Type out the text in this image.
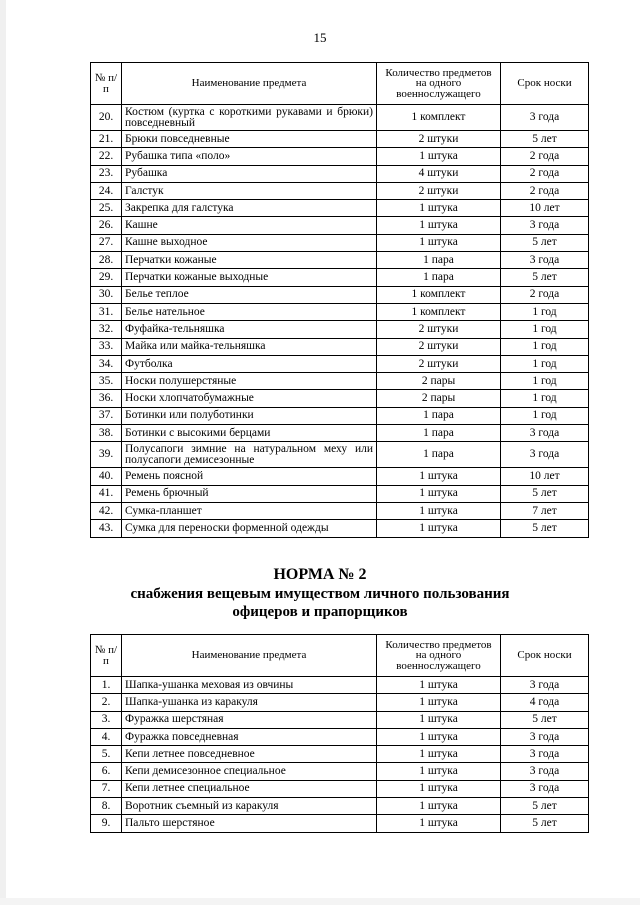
15
№ п/п	Наименование предмета	Количество предметов на одного военнослужащего	Срок носки
20.	Костюм (куртка с короткими рукавами и брюки) повседневный	1 комплект	3 года
21.	Брюки повседневные	2 штуки	5 лет
22.	Рубашка типа «поло»	1 штука	2 года
23.	Рубашка	4 штуки	2 года
24.	Галстук	2 штуки	2 года
25.	Закрепка для галстука	1 штука	10 лет
26.	Кашне	1 штука	3 года
27.	Кашне выходное	1 штука	5 лет
28.	Перчатки кожаные	1 пара	3 года
29.	Перчатки кожаные выходные	1 пара	5 лет
30.	Белье теплое	1 комплект	2 года
31.	Белье нательное	1 комплект	1 год
32.	Фуфайка-тельняшка	2 штуки	1 год
33.	Майка или майка-тельняшка	2 штуки	1 год
34.	Футболка	2 штуки	1 год
35.	Носки полушерстяные	2 пары	1 год
36.	Носки хлопчатобумажные	2 пары	1 год
37.	Ботинки или полуботинки	1 пара	1 год
38.	Ботинки с высокими берцами	1 пара	3 года
39.	Полусапоги зимние на натуральном меху или полусапоги демисезонные	1 пара	3 года
40.	Ремень поясной	1 штука	10 лет
41.	Ремень брючный	1 штука	5 лет
42.	Сумка-планшет	1 штука	7 лет
43.	Сумка для переноски форменной одежды	1 штука	5 лет
НОРМА № 2
снабжения вещевым имуществом личного пользования
офицеров и прапорщиков
№ п/п	Наименование предмета	Количество предметов на одного военнослужащего	Срок носки
1.	Шапка-ушанка меховая из овчины	1 штука	3 года
2.	Шапка-ушанка из каракуля	1 штука	4 года
3.	Фуражка шерстяная	1 штука	5 лет
4.	Фуражка повседневная	1 штука	3 года
5.	Кепи летнее повседневное	1 штука	3 года
6.	Кепи демисезонное специальное	1 штука	3 года
7.	Кепи летнее специальное	1 штука	3 года
8.	Воротник съемный из каракуля	1 штука	5 лет
9.	Пальто шерстяное	1 штука	5 лет
